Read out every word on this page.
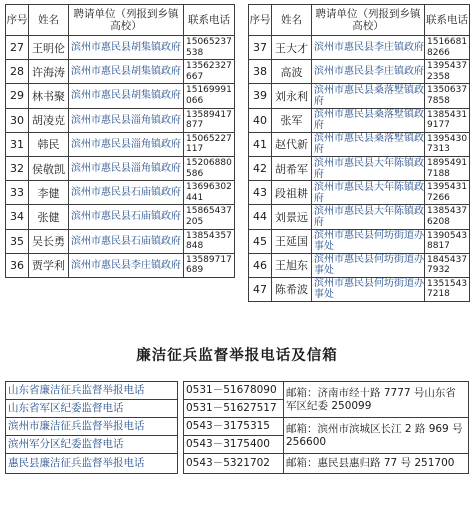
序号	姓名	聘请单位（列报到乡镇高校）	联系电话
27	王明伦	滨州市惠民县胡集镇政府	15065237538
28	许海涛	滨州市惠民县胡集镇政府	13562327667
29	林书聚	滨州市惠民县胡集镇政府	15169991066
30	胡凌克	滨州市惠民县淄角镇政府	13589417877
31	韩民	滨州市惠民县淄角镇政府	15065227117
32	侯敬凯	滨州市惠民县淄角镇政府	15206880586
33	李健	滨州市惠民县石庙镇政府	13696302441
34	张健	滨州市惠民县石庙镇政府	15865437205
35	吴长勇	滨州市惠民县石庙镇政府	13854357848
36	贾学利	滨州市惠民县李庄镇政府	13589717689
序号	姓名	聘请单位（列报到乡镇高校）	联系电话
37	王大才	滨州市惠民县李庄镇政府	15166818266
38	高波	滨州市惠民县李庄镇政府	13954372358
39	刘永利	滨州市惠民县桑落墅镇政府	13506377858
40	张军	滨州市惠民县桑落墅镇政府	13854319177
41	赵代新	滨州市惠民县桑落墅镇政府	13954307313
42	胡希军	滨州市惠民县大年陈镇政府	18954917188
43	段祖耕	滨州市惠民县大年陈镇政府	13954317266
44	刘景远	滨州市惠民县大年陈镇政府	13854376208
45	王延国	滨州市惠民县何坊街道办事处	13905438817
46	王旭东	滨州市惠民县何坊街道办事处	18454377932
47	陈希波	滨州市惠民县何坊街道办事处	13515437218
廉洁征兵监督举报电话及信箱
山东省廉洁征兵监督举报电话		0531－51678090	邮箱：济南市经十路 7777 号山东省军区纪委 250099
山东省军区纪委监督电话		0531－51627517	
滨州市廉洁征兵监督举报电话		0543－3175315	邮箱：滨州市滨城区长江 2 路 969 号 256600
滨州军分区纪委监督电话		0543－3175400	
惠民县廉洁征兵监督举报电话		0543－5321702	邮箱：惠民县惠归路 77 号 251700
